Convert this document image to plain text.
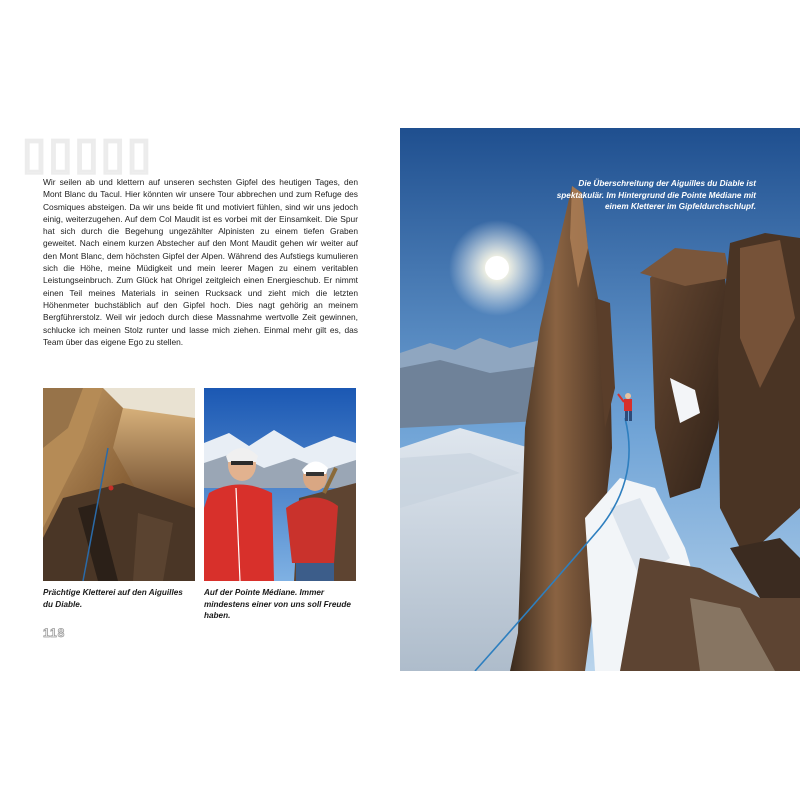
▯▯▯▯▯

Wir seilen ab und klettern auf unseren sechsten Gipfel des heutigen Tages, den Mont Blanc du Tacul. Hier könnten wir unsere Tour abbrechen und zum Refuge des Cosmiques absteigen. Da wir uns beide fit und motiviert fühlen, sind wir uns jedoch einig, weiterzugehen. Auf dem Col Maudit ist es vorbei mit der Einsamkeit. Die Spur hat sich durch die Begehung ungezählter Alpinisten zu einem tiefen Graben geweitet. Nach einem kurzen Abstecher auf den Mont Maudit gehen wir weiter auf den Mont Blanc, dem höchsten Gipfel der Alpen. Während des Aufstiegs kumulieren sich die Höhe, meine Müdigkeit und mein leerer Magen zu einem veritablen Leistungseinbruch. Zum Glück hat Ohrigel zeitgleich einen Energieschub. Er nimmt einen Teil meines Materials in seinen Rucksack und zieht mich die letzten Höhenmeter buchstäblich auf den Gipfel hoch. Dies nagt gehörig an meinem Bergführerstolz. Weil wir jedoch durch diese Massnahme wertvolle Zeit gewinnen, schlucke ich meinen Stolz runter und lasse mich ziehen. Einmal mehr gilt es, das Team über das eigene Ego zu stellen.

Prächtige Kletterei auf den Aiguilles du Diable.
Auf der Pointe Médiane. Immer mindestens einer von uns soll Freude haben.
118
Die Überschreitung der Aiguilles du Diable ist spektakulär. Im Hintergrund die Pointe Médiane mit einem Kletterer im Gipfeldurchschlupf.
